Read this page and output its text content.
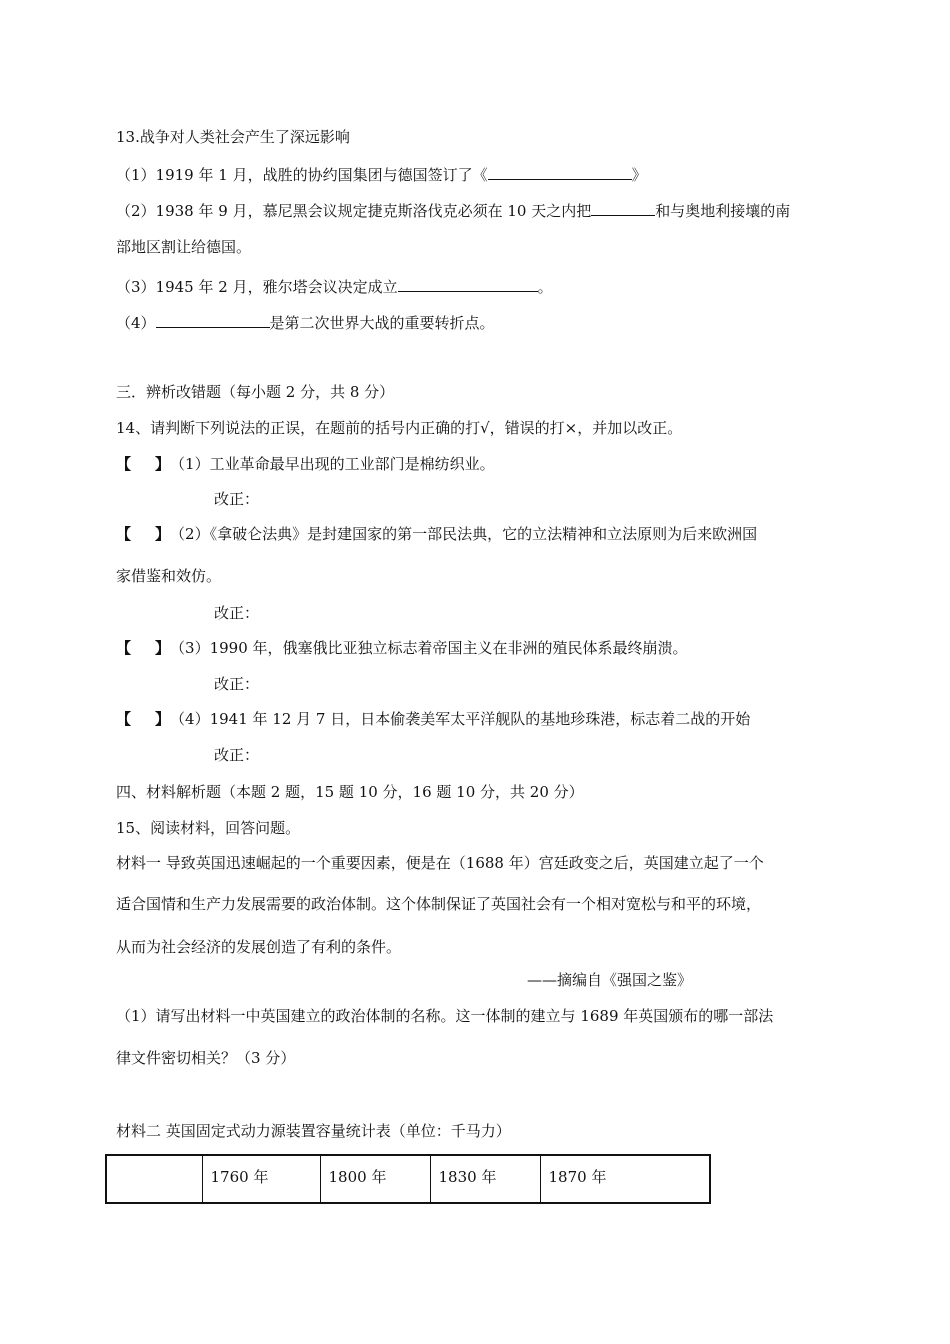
13.战争对人类社会产生了深远影响
（1）1919 年 1 月，战胜的协约国集团与德国签订了《	》
（2）1938 年 9 月，慕尼黑会议规定捷克斯洛伐克必须在 10 天之内把	和与奥地利接壤的南
部地区割让给德国。
（3）1945 年 2 月，雅尔塔会议决定成立	。
（4）	是第二次世界大战的重要转折点。
三．辨析改错题（每小题 2 分，共 8 分）
14、请判断下列说法的正误，在题前的括号内正确的打√，错误的打×，并加以改正。
【 】（1）工业革命最早出现的工业部门是棉纺织业。
改正：
【 】（2）《拿破仑法典》是封建国家的第一部民法典，它的立法精神和立法原则为后来欧洲国
家借鉴和效仿。
改正：
【 】（3）1990 年，俄塞俄比亚独立标志着帝国主义在非洲的殖民体系最终崩溃。
改正：
【 】（4）1941 年 12 月 7 日，日本偷袭美军太平洋舰队的基地珍珠港，标志着二战的开始
改正：
四、材料解析题（本题 2 题，15 题 10 分，16 题 10 分，共 20 分）
15、阅读材料，回答问题。
材料一 导致英国迅速崛起的一个重要因素，便是在（1688 年）宫廷政变之后，英国建立起了一个
适合国情和生产力发展需要的政治体制。这个体制保证了英国社会有一个相对宽松与和平的环境，
从而为社会经济的发展创造了有利的条件。
——摘编自《强国之鉴》
（1）请写出材料一中英国建立的政治体制的名称。这一体制的建立与 1689 年英国颁布的哪一部法
律文件密切相关？（3 分）
材料二 英国固定式动力源装置容量统计表（单位：千马力）
	1760 年	1800 年	1830 年	1870 年
